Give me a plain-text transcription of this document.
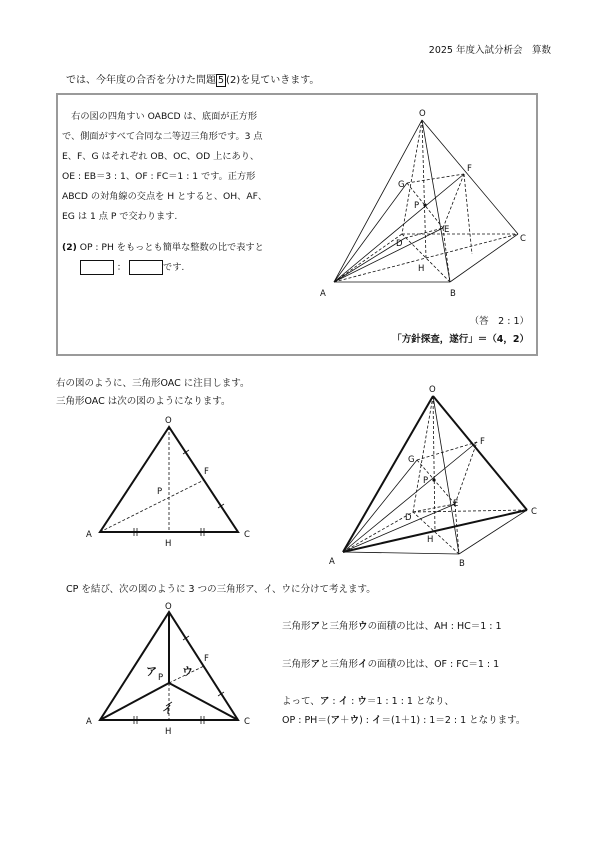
2025 年度入試分析会　算数
では、今年度の合否を分けた問題 5 (2)を見ていきます。

　右の図の四角すい OABCD は、底面が正方形

で、側面がすべて合同な二等辺三角形です。3 点

E、F、G はそれぞれ OB、OC、OD 上にあり、

OE : EB＝3 : 1、OF : FC＝1 : 1 です。正方形

ABCD の対角線の交点を H とすると、OH、AF、

EG は 1 点 P で交わります.

(2) OP : PH をもっとも簡単な整数の比で表すと
：	です.
（答　2 : 1）
「方針探査，遂行」＝（4，2）
O
A	B
C
D
E
F
G
H
P
右の図のように、三角形OAC に注目します。
三角形OAC は次の図のようになります。
O
A	C
F
H
P
O
A	B
C
D
E
F
G
H
P
CP を結び、次の図のように 3 つの三角形ア、イ、ウに分けて考えます。
O
A	C
F
H
P
ア ウ
イ
三角形アと三角形ウの面積の比は、AH : HC＝1 : 1
三角形アと三角形イの面積の比は、OF : FC＝1 : 1
よって、ア : イ : ウ＝1 : 1 : 1 となり、
OP : PH＝(ア＋ウ) : イ＝(1＋1) : 1＝2 : 1 となります。
